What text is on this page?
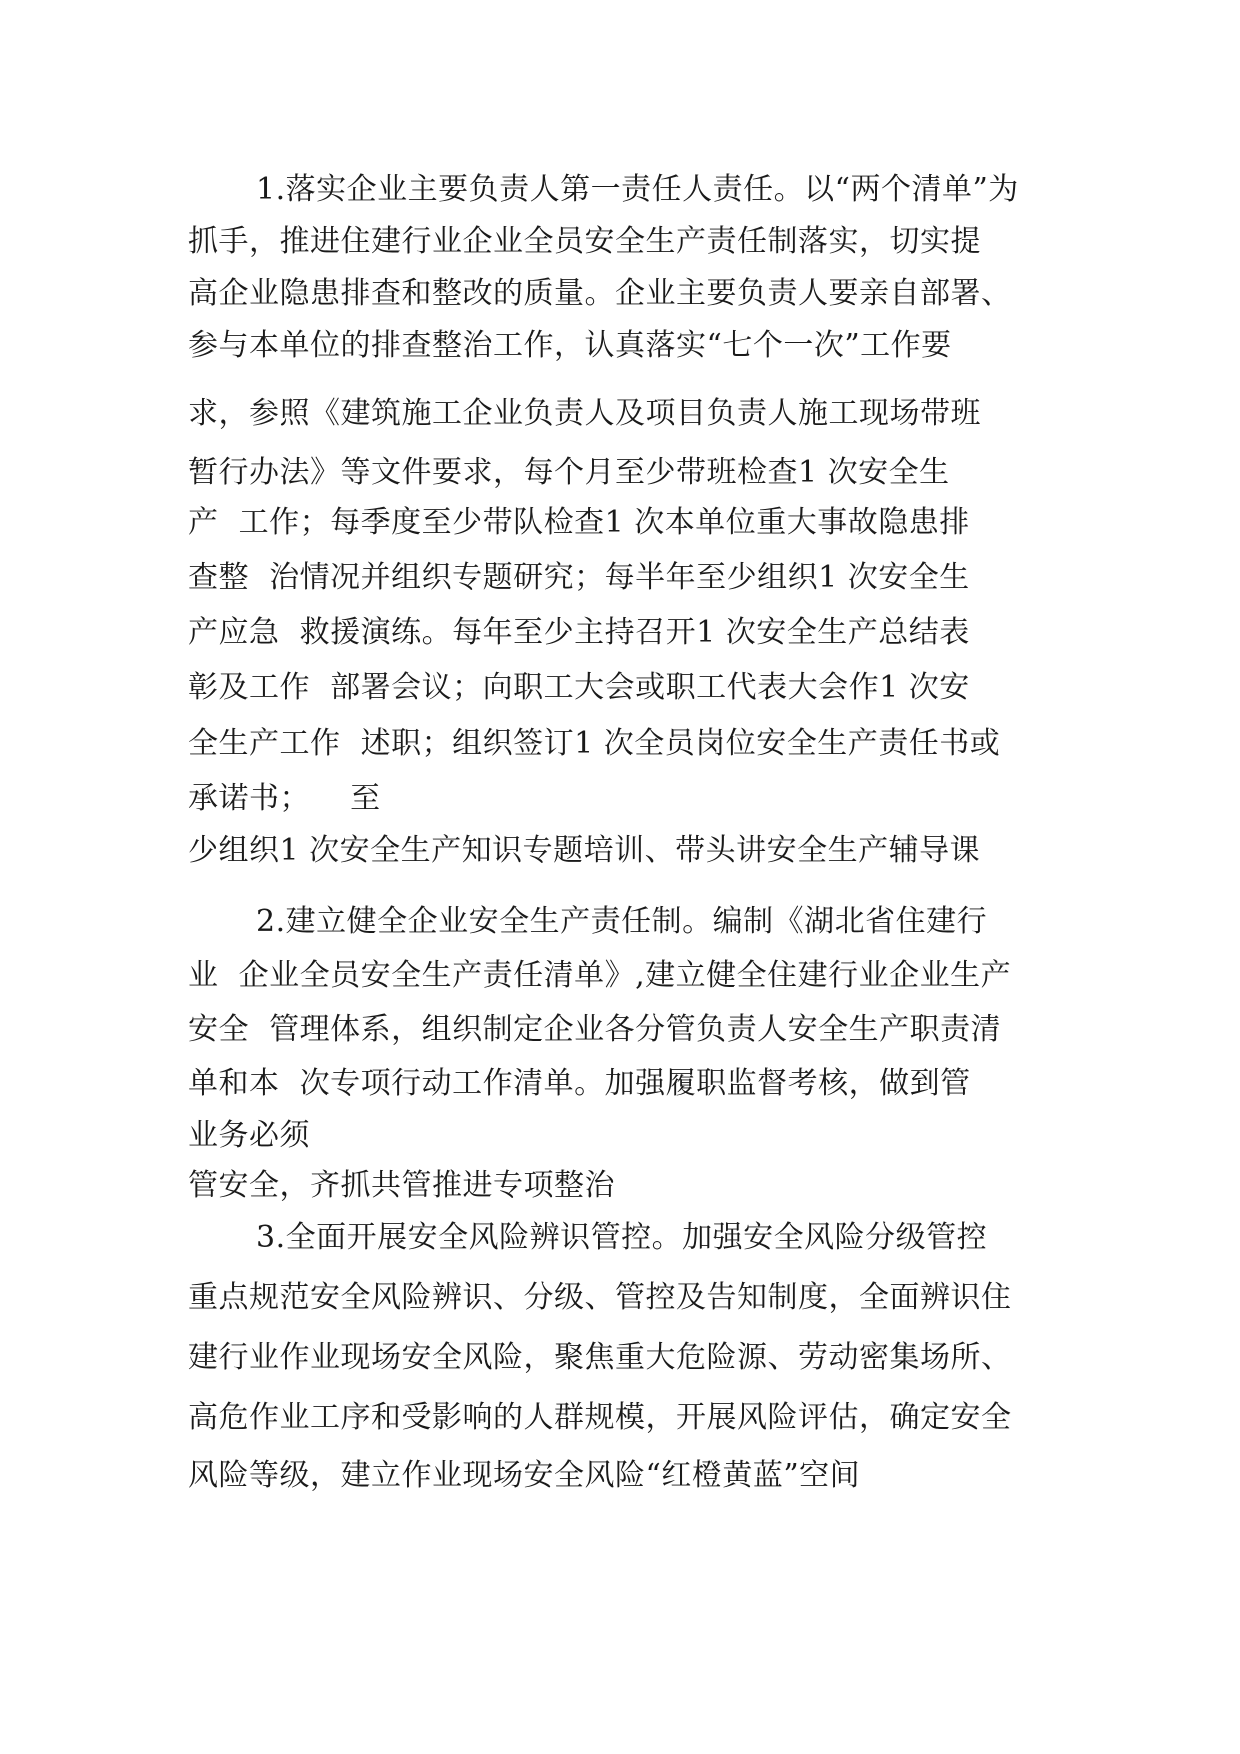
1.落实企业主要负责人第一责任人责任。以“两个清单”为
抓手，推进住建行业企业全员安全生产责任制落实，切实提
高企业隐患排查和整改的质量。企业主要负责人要亲自部署、
参与本单位的排查整治工作，认真落实“七个一次”工作要
求，参照《建筑施工企业负责人及项目负责人施工现场带班
暂行办法》等文件要求，每个月至少带班检查1 次安全生
产  工作；每季度至少带队检查1 次本单位重大事故隐患排
查整  治情况并组织专题研究；每半年至少组织1 次安全生
产应急  救援演练。每年至少主持召开1 次安全生产总结表
彰及工作  部署会议；向职工大会或职工代表大会作1 次安
全生产工作  述职；组织签订1 次全员岗位安全生产责任书或
承诺书；    至
少组织1 次安全生产知识专题培训、带头讲安全生产辅导课
2.建立健全企业安全生产责任制。编制《湖北省住建行
业  企业全员安全生产责任清单》,建立健全住建行业企业生产
安全  管理体系，组织制定企业各分管负责人安全生产职责清
单和本  次专项行动工作清单。加强履职监督考核，做到管
业务必须
管安全，齐抓共管推进专项整治
3.全面开展安全风险辨识管控。加强安全风险分级管控
重点规范安全风险辨识、分级、管控及告知制度，全面辨识住
建行业作业现场安全风险，聚焦重大危险源、劳动密集场所、
高危作业工序和受影响的人群规模，开展风险评估，确定安全
风险等级，建立作业现场安全风险“红橙黄蓝”空间
